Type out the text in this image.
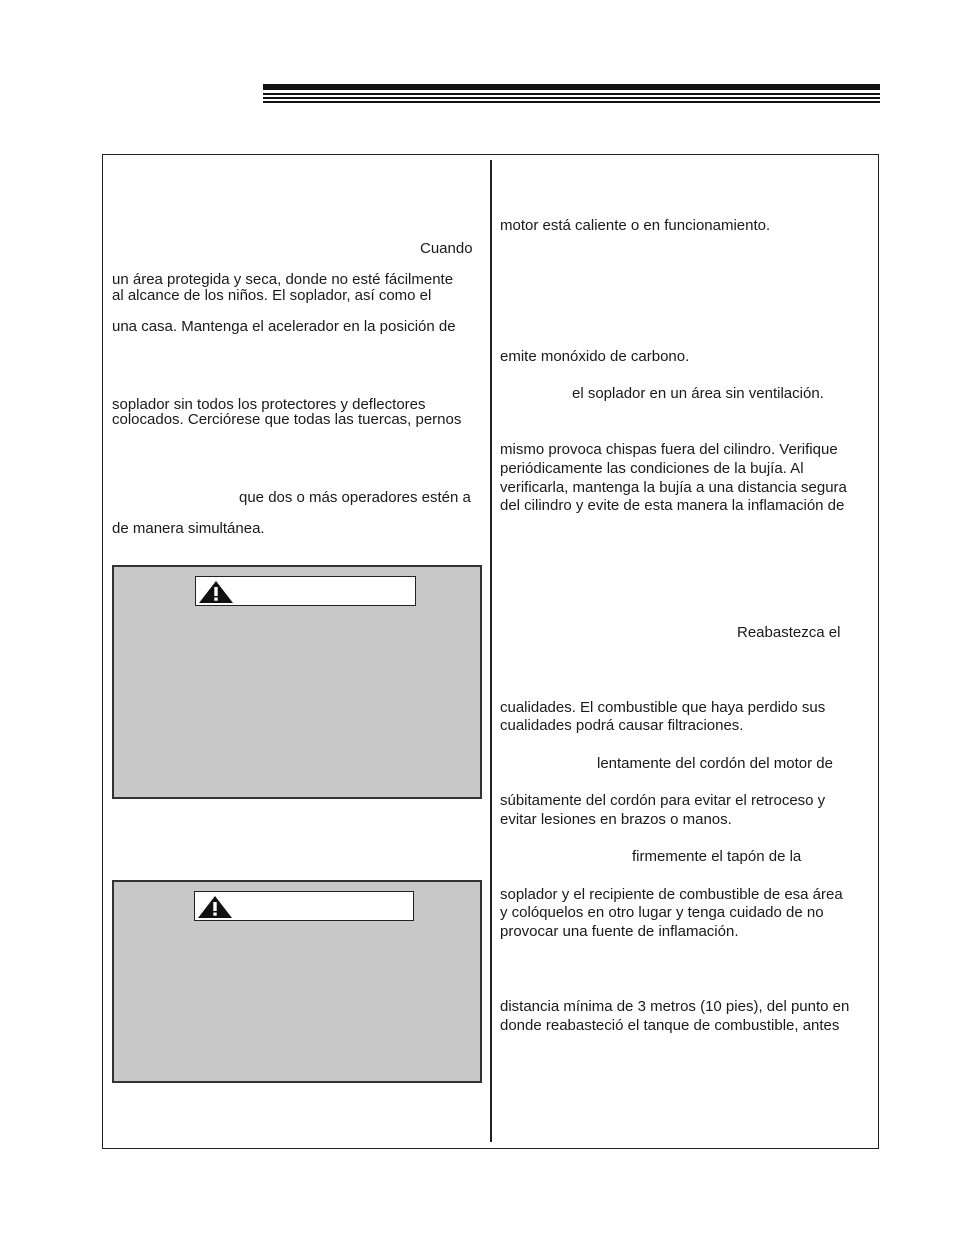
Cuando
un área protegida y seca, donde no esté fácilmente
al alcance de los niños. El soplador, así como el
una casa. Mantenga el acelerador en la posición de
soplador sin todos los protectores y deflectores
colocados. Cerciórese que todas las tuercas, pernos
que dos o más operadores estén a
de manera simultánea.
motor está caliente o en funcionamiento.
emite monóxido de carbono.
el soplador en un área sin ventilación.
mismo provoca chispas fuera del cilindro. Verifique
periódicamente las condiciones de la bujía. Al
verificarla, mantenga la bujía a una distancia segura
del cilindro y evite de esta manera la inflamación de
Reabastezca el
cualidades. El combustible que haya perdido sus
cualidades podrá causar filtraciones.
lentamente del cordón del motor de
súbitamente del cordón para evitar el retroceso y
evitar lesiones en brazos o manos.
firmemente el tapón de la
soplador y el recipiente de combustible de esa área
y colóquelos en otro lugar y tenga cuidado de no
provocar una fuente de inflamación.
distancia mínima de 3 metros (10 pies), del punto en
donde reabasteció el tanque de combustible, antes
